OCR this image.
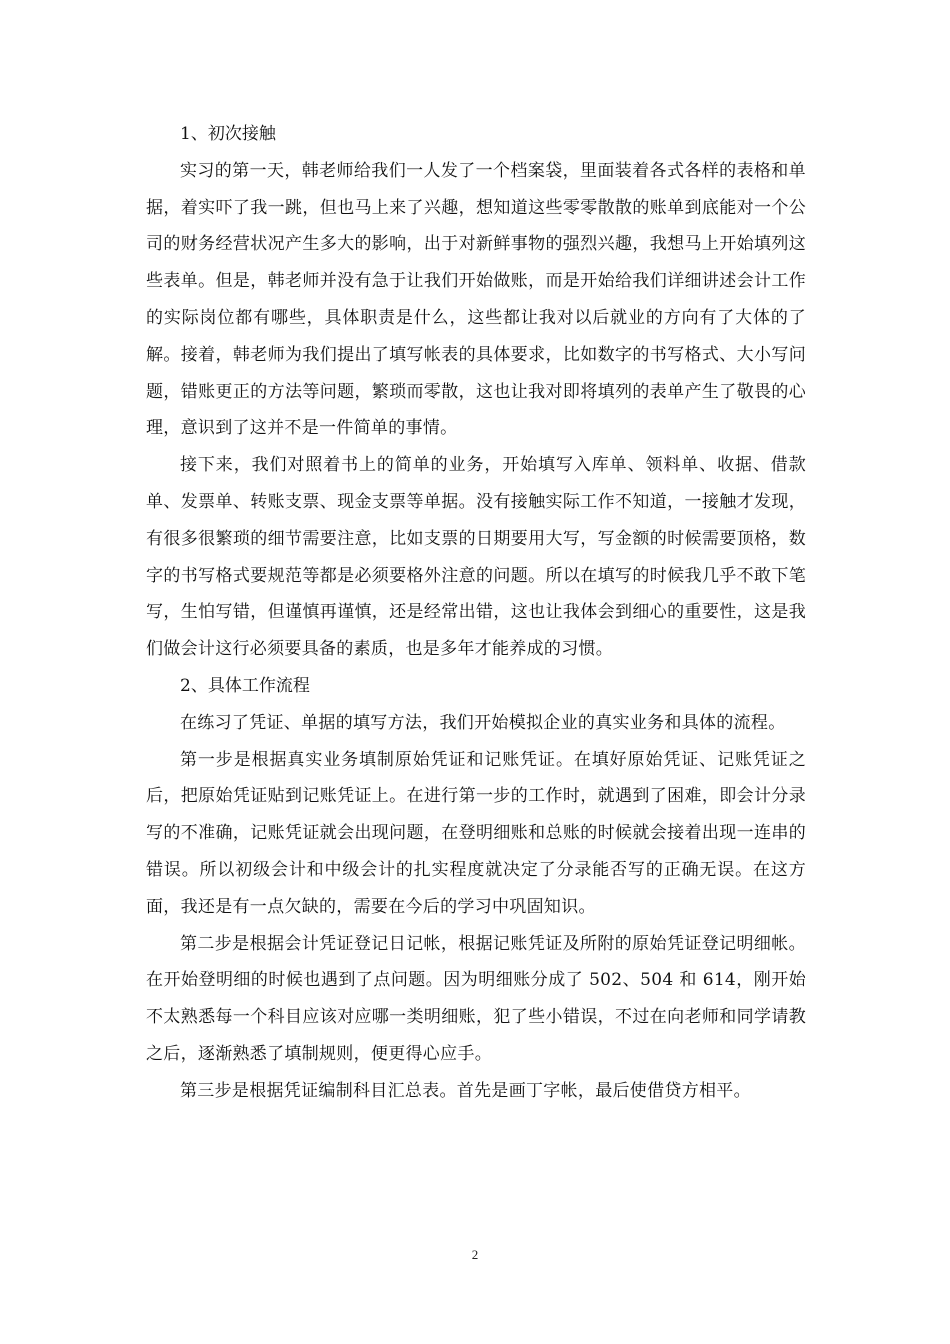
1、初次接触

实习的第一天，韩老师给我们一人发了一个档案袋，里面装着各式各样的表格和单据，着实吓了我一跳，但也马上来了兴趣，想知道这些零零散散的账单到底能对一个公司的财务经营状况产生多大的影响，出于对新鲜事物的强烈兴趣，我想马上开始填列这些表单。但是，韩老师并没有急于让我们开始做账，而是开始给我们详细讲述会计工作的实际岗位都有哪些，具体职责是什么，这些都让我对以后就业的方向有了大体的了解。接着，韩老师为我们提出了填写帐表的具体要求，比如数字的书写格式、大小写问题，错账更正的方法等问题，繁琐而零散，这也让我对即将填列的表单产生了敬畏的心理，意识到了这并不是一件简单的事情。

接下来，我们对照着书上的简单的业务，开始填写入库单、领料单、收据、借款单、发票单、转账支票、现金支票等单据。没有接触实际工作不知道，一接触才发现，有很多很繁琐的细节需要注意，比如支票的日期要用大写，写金额的时候需要顶格，数字的书写格式要规范等都是必须要格外注意的问题。所以在填写的时候我几乎不敢下笔写，生怕写错，但谨慎再谨慎，还是经常出错，这也让我体会到细心的重要性，这是我们做会计这行必须要具备的素质，也是多年才能养成的习惯。

2、具体工作流程

在练习了凭证、单据的填写方法，我们开始模拟企业的真实业务和具体的流程。

第一步是根据真实业务填制原始凭证和记账凭证。在填好原始凭证、记账凭证之后，把原始凭证贴到记账凭证上。在进行第一步的工作时，就遇到了困难，即会计分录写的不准确，记账凭证就会出现问题，在登明细账和总账的时候就会接着出现一连串的错误。所以初级会计和中级会计的扎实程度就决定了分录能否写的正确无误。在这方面，我还是有一点欠缺的，需要在今后的学习中巩固知识。

第二步是根据会计凭证登记日记帐，根据记账凭证及所附的原始凭证登记明细帐。在开始登明细的时候也遇到了点问题。因为明细账分成了 502、504 和 614，刚开始不太熟悉每一个科目应该对应哪一类明细账，犯了些小错误，不过在向老师和同学请教之后，逐渐熟悉了填制规则，便更得心应手。

第三步是根据凭证编制科目汇总表。首先是画丁字帐，最后使借贷方相平。

2
